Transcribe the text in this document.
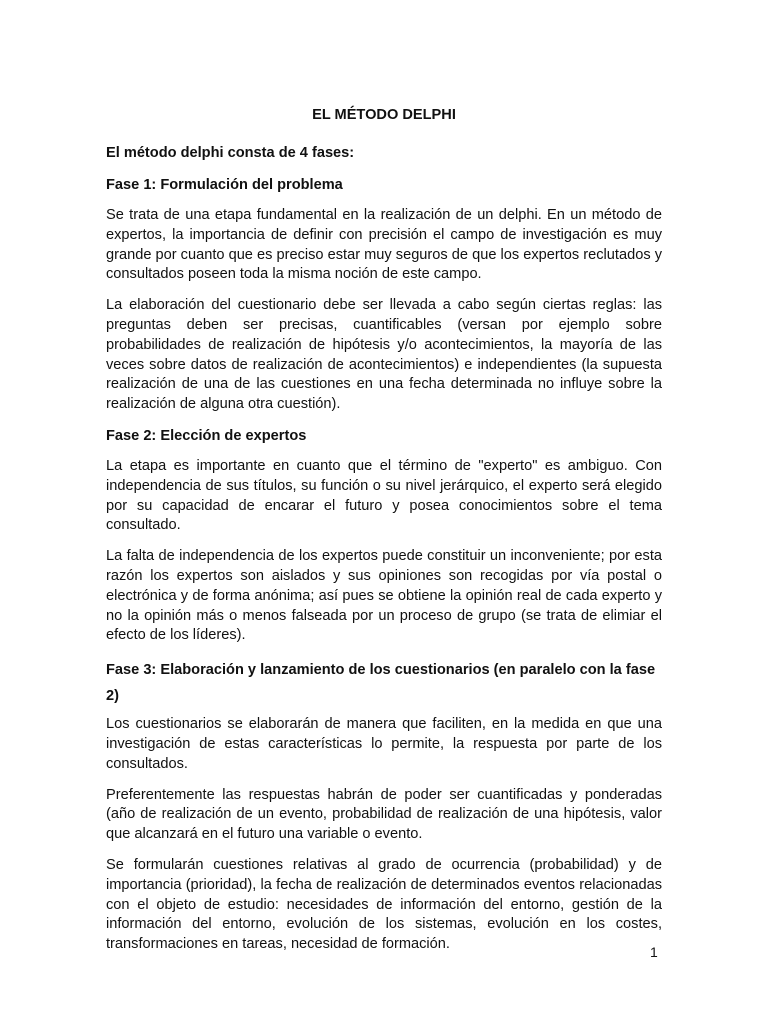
EL MÉTODO DELPHI
El método delphi consta de 4 fases:
Fase 1: Formulación del problema

Se trata de una etapa fundamental en la realización de un delphi. En un método de expertos, la importancia de definir con precisión el campo de investigación es muy grande por cuanto que es preciso estar muy seguros de que los expertos reclutados y consultados poseen toda la misma noción de este campo.

La elaboración del cuestionario debe ser llevada a cabo según ciertas reglas: las preguntas deben ser precisas, cuantificables (versan por ejemplo sobre probabilidades de realización de hipótesis y/o acontecimientos, la mayoría de las veces sobre datos de realización de acontecimientos) e independientes (la supuesta realización de una de las cuestiones en una fecha determinada no influye sobre la realización de alguna otra cuestión).

Fase 2: Elección de expertos

La etapa es importante en cuanto que el término de "experto" es ambiguo. Con independencia de sus títulos, su función o su nivel jerárquico, el experto será elegido por su capacidad de encarar el futuro y posea conocimientos sobre el tema consultado.

La falta de independencia de los expertos puede constituir un inconveniente; por esta razón los expertos son aislados y sus opiniones son recogidas por vía postal o electrónica y de forma anónima; así pues se obtiene la opinión real de cada experto y no la opinión más o menos falseada por un proceso de grupo (se trata de elimiar el efecto de los líderes).

Fase 3: Elaboración y lanzamiento de los cuestionarios (en paralelo con la fase 2)

Los cuestionarios se elaborarán de manera que faciliten, en la medida en que una investigación de estas características lo permite, la respuesta por parte de los consultados.

Preferentemente las respuestas habrán de poder ser cuantificadas y ponderadas (año de realización de un evento, probabilidad de realización de una hipótesis, valor que alcanzará en el futuro una variable o evento.

Se formularán cuestiones relativas al grado de ocurrencia (probabilidad) y de importancia (prioridad), la fecha de realización de determinados eventos relacionadas con el objeto de estudio: necesidades de información del entorno, gestión de la información del entorno, evolución de los sistemas, evolución en los costes, transformaciones en tareas, necesidad de formación.	1
